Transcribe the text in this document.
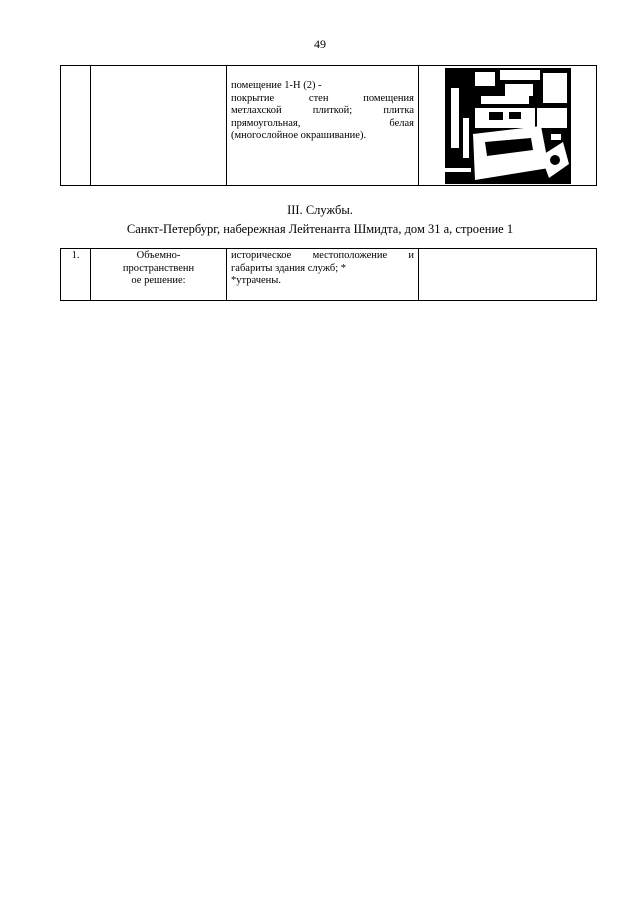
49

помещение 1-Н (2) -
покрытие стен помещения
метлахской плиткой; плитка
прямоугольная, белая
(многослойное окрашивание).

III. Службы.
Санкт-Петербург, набережная Лейтенанта Шмидта, дом 31 а, строение 1
1.	Объемно-
пространственн
ое решение:

историческое местоположение и
габариты здания служб; *
*утрачены.
